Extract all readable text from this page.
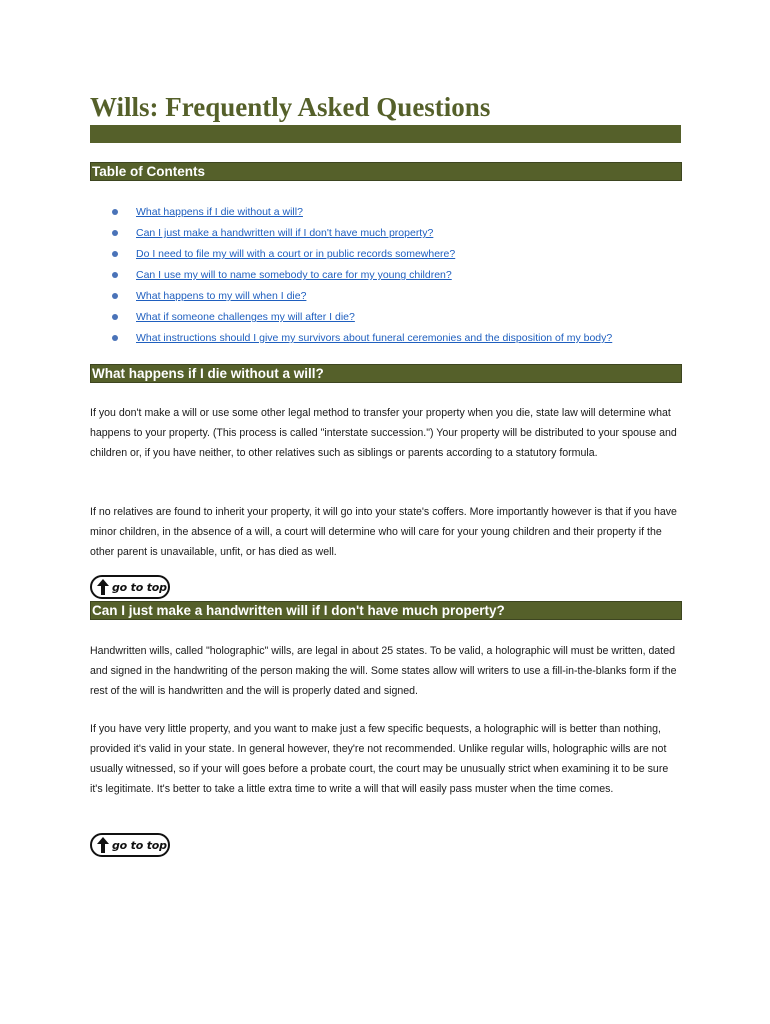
Wills: Frequently Asked Questions
Table of Contents
What happens if I die without a will?
Can I just make a handwritten will if I don't have much property?
Do I need to file my will with a court or in public records somewhere?
Can I use my will to name somebody to care for my young children?
What happens to my will when I die?
What if someone challenges my will after I die?
What instructions should I give my survivors about funeral ceremonies and the disposition of my body?
What happens if I die without a will?

If you don't make a will or use some other legal method to transfer your property when you die, state law will determine what happens to your property. (This process is called "interstate succession.") Your property will be distributed to your spouse and children or, if you have neither, to other relatives such as siblings or parents according to a statutory formula.

If no relatives are found to inherit your property, it will go into your state's coffers. More importantly however is that if you have minor children, in the absence of a will, a court will determine who will care for your young children and their property if the other parent is unavailable, unfit, or has died as well.

go to top
Can I just make a handwritten will if I don't have much property?

Handwritten wills, called "holographic" wills, are legal in about 25 states. To be valid, a holographic will must be written, dated and signed in the handwriting of the person making the will. Some states allow will writers to use a fill-in-the-blanks form if the rest of the will is handwritten and the will is properly dated and signed.

If you have very little property, and you want to make just a few specific bequests, a holographic will is better than nothing, provided it's valid in your state. In general however, they're not recommended. Unlike regular wills, holographic wills are not usually witnessed, so if your will goes before a probate court, the court may be unusually strict when examining it to be sure it's legitimate. It's better to take a little extra time to write a will that will easily pass muster when the time comes.

go to top
